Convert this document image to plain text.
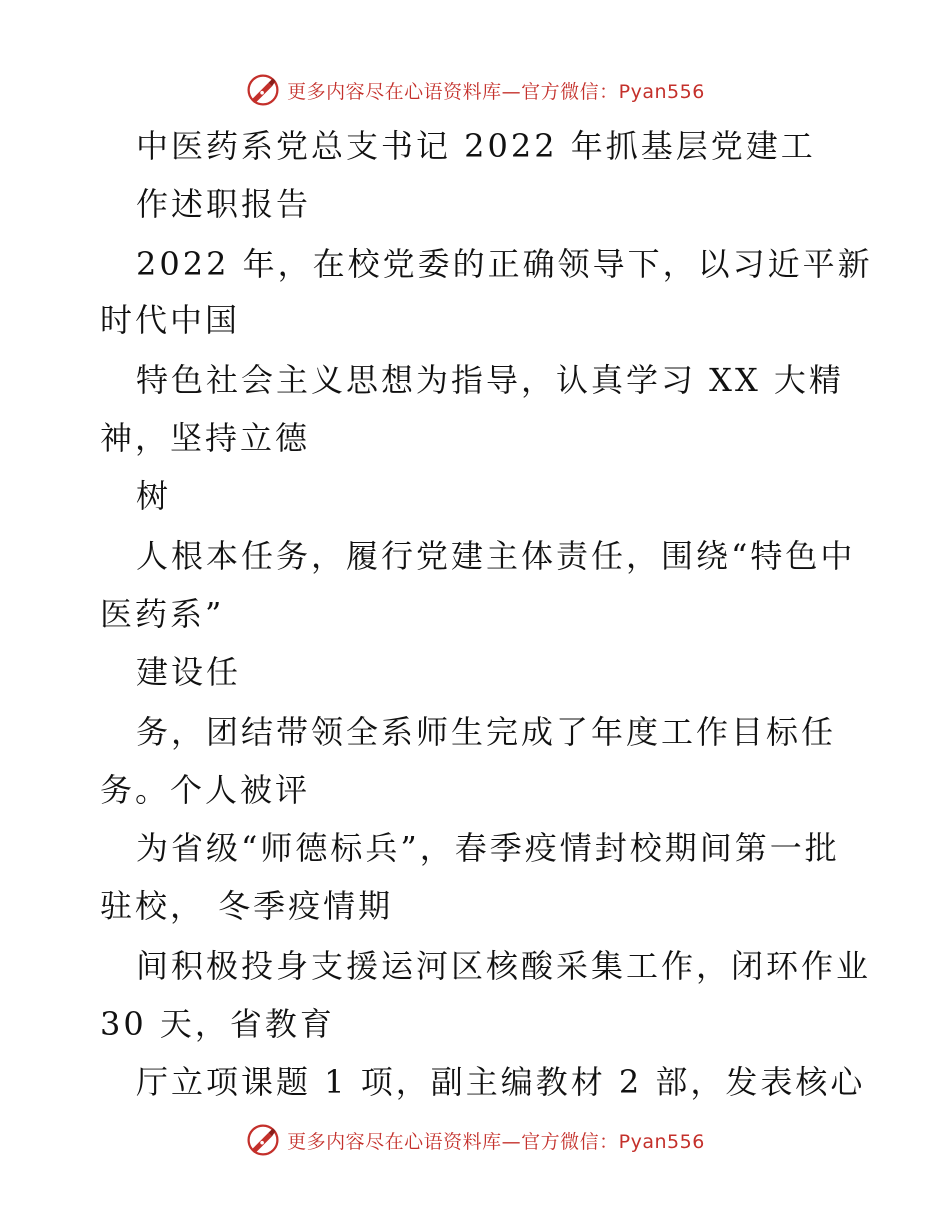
更多内容尽在心语资料库—官方微信：Pyan556
中医药系党总支书记 2022 年抓基层党建工
作述职报告
2022 年，在校党委的正确领导下，以习近平新
时代中国
特色社会主义思想为指导，认真学习 XX 大精
神，坚持立德
树
人根本任务，履行党建主体责任，围绕“特色中
医药系”
建设任
务，团结带领全系师生完成了年度工作目标任
务。个人被评
为省级“师德标兵”，春季疫情封校期间第一批
驻校， 冬季疫情期
间积极投身支援运河区核酸采集工作，闭环作业
30 天，省教育
厅立项课题 1 项，副主编教材 2 部，发表核心
更多内容尽在心语资料库—官方微信：Pyan556
